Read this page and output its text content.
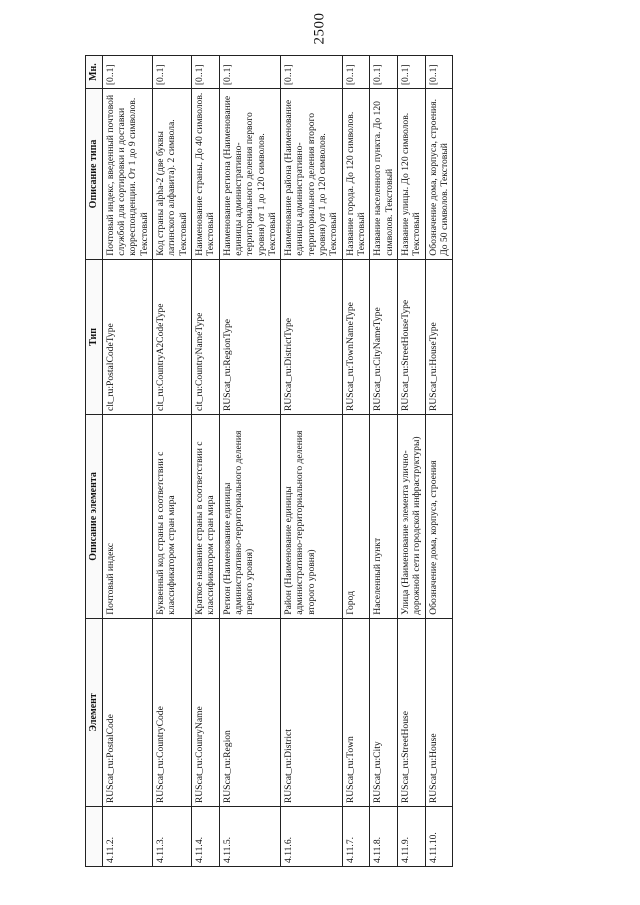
2500
	Элемент	Описание элемента	Тип	Описание типа	Мн.
4.11.2.	RUScat_ru:PostalCode	Почтовый индекс	clt_ru:PostalCodeType	Почтовый индекс, введенный почтовой службой для сортировки и доставки корреспонденции. От 1 до 9 символов. Текстовый	[0..1]
4.11.3.	RUScat_ru:CountryCode	Буквенный код страны в соответствии с классификатором стран мира	clt_ru:CountryA2CodeType	Код страны alpha-2 (две буквы латинского алфавита). 2 символа. Текстовый	[0..1]
4.11.4.	RUScat_ru:CounryName	Краткое название страны в соответствии с классификатором стран мира	clt_ru:CountryNameType	Наименование страны. До 40 символов. Текстовый	[0..1]
4.11.5.	RUScat_ru:Region	Регион (Наименование единицы административно-территориального деления первого уровня)	RUScat_ru:RegionType	Наименование региона (Наименование единицы административно-территориального деления первого уровня) от 1 до 120 символов. Текстовый	[0..1]
4.11.6.	RUScat_ru:District	Район (Наименование единицы административно-территориального деления второго уровня)	RUScat_ru:DistrictType	Наименование района (Наименование единицы административно-территориального деления второго уровня) от 1 до 120 символов. Текстовый	[0..1]
4.11.7.	RUScat_ru:Town	Город	RUScat_ru:TownNameType	Название города. До 120 символов. Текстовый	[0..1]
4.11.8.	RUScat_ru:City	Населенный пункт	RUScat_ru:CityNameType	Название населенного пункта. До 120 символов. Текстовый	[0..1]
4.11.9.	RUScat_ru:StreetHouse	Улица (Наименование элемента улично-дорожной сети городской инфраструктуры)	RUScat_ru:StreetHouseType	Название улицы. До 120 символов. Текстовый	[0..1]
4.11.10.	RUScat_ru:House	Обозначение дома, корпуса, строения	RUScat_ru:HouseType	Обозначение дома, корпуса, строения. До 50 символов. Текстовый	[0..1]
